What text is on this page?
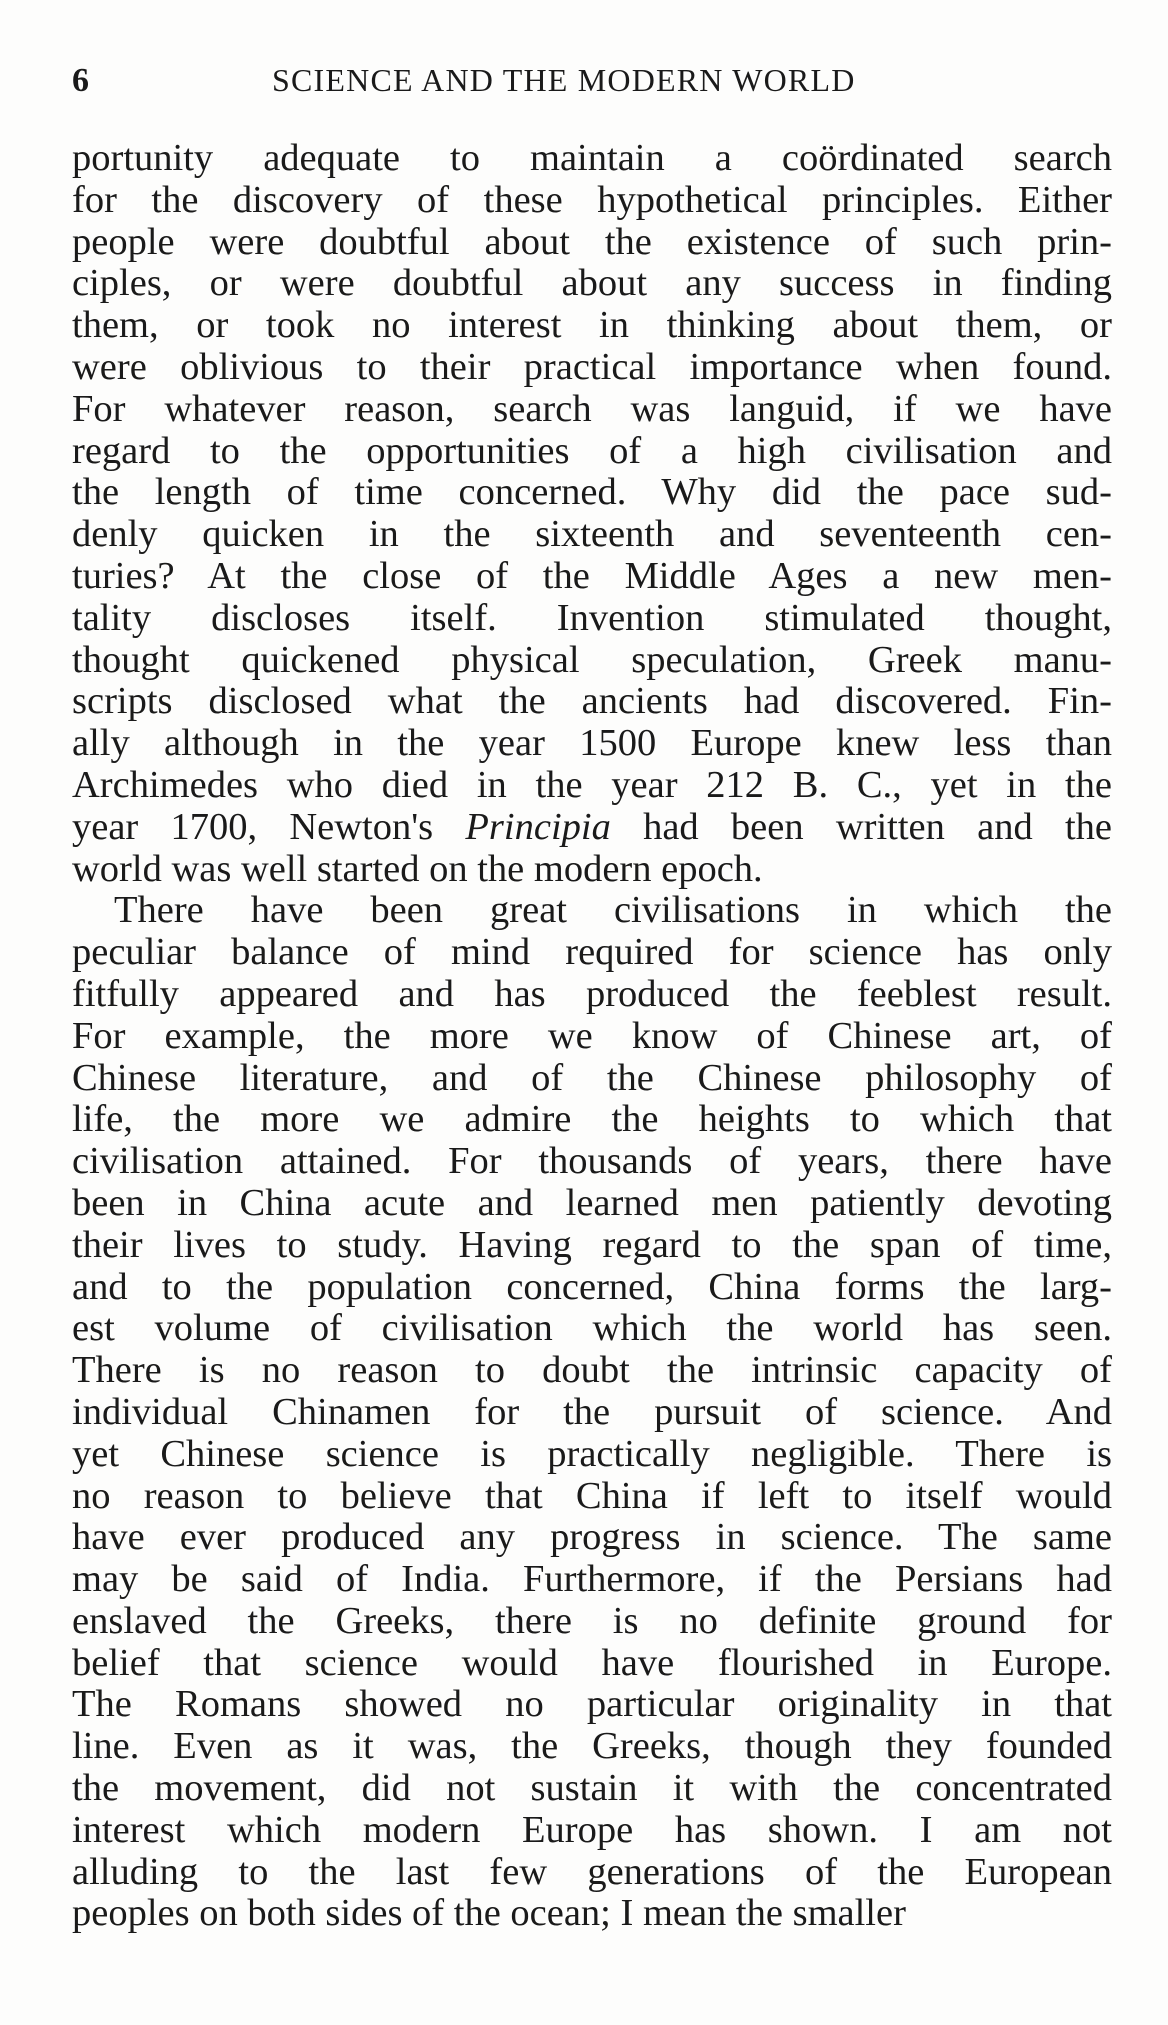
6	SCIENCE AND THE MODERN WORLD
portunity adequate to maintain a coördinated search
for the discovery of these hypothetical principles. Either
people were doubtful about the existence of such prin-
ciples, or were doubtful about any success in finding
them, or took no interest in thinking about them, or
were oblivious to their practical importance when found.
For whatever reason, search was languid, if we have
regard to the opportunities of a high civilisation and
the length of time concerned. Why did the pace sud-
denly quicken in the sixteenth and seventeenth cen-
turies? At the close of the Middle Ages a new men-
tality discloses itself. Invention stimulated thought,
thought quickened physical speculation, Greek manu-
scripts disclosed what the ancients had discovered. Fin-
ally although in the year 1500 Europe knew less than
Archimedes who died in the year 212 B. C., yet in the
year 1700, Newton's Principia had been written and the
world was well started on the modern epoch.
There have been great civilisations in which the
peculiar balance of mind required for science has only
fitfully appeared and has produced the feeblest result.
For example, the more we know of Chinese art, of
Chinese literature, and of the Chinese philosophy of
life, the more we admire the heights to which that
civilisation attained. For thousands of years, there have
been in China acute and learned men patiently devoting
their lives to study. Having regard to the span of time,
and to the population concerned, China forms the larg-
est volume of civilisation which the world has seen.
There is no reason to doubt the intrinsic capacity of
individual Chinamen for the pursuit of science. And
yet Chinese science is practically negligible. There is
no reason to believe that China if left to itself would
have ever produced any progress in science. The same
may be said of India. Furthermore, if the Persians had
enslaved the Greeks, there is no definite ground for
belief that science would have flourished in Europe.
The Romans showed no particular originality in that
line. Even as it was, the Greeks, though they founded
the movement, did not sustain it with the concentrated
interest which modern Europe has shown. I am not
alluding to the last few generations of the European
peoples on both sides of the ocean; I mean the smaller
